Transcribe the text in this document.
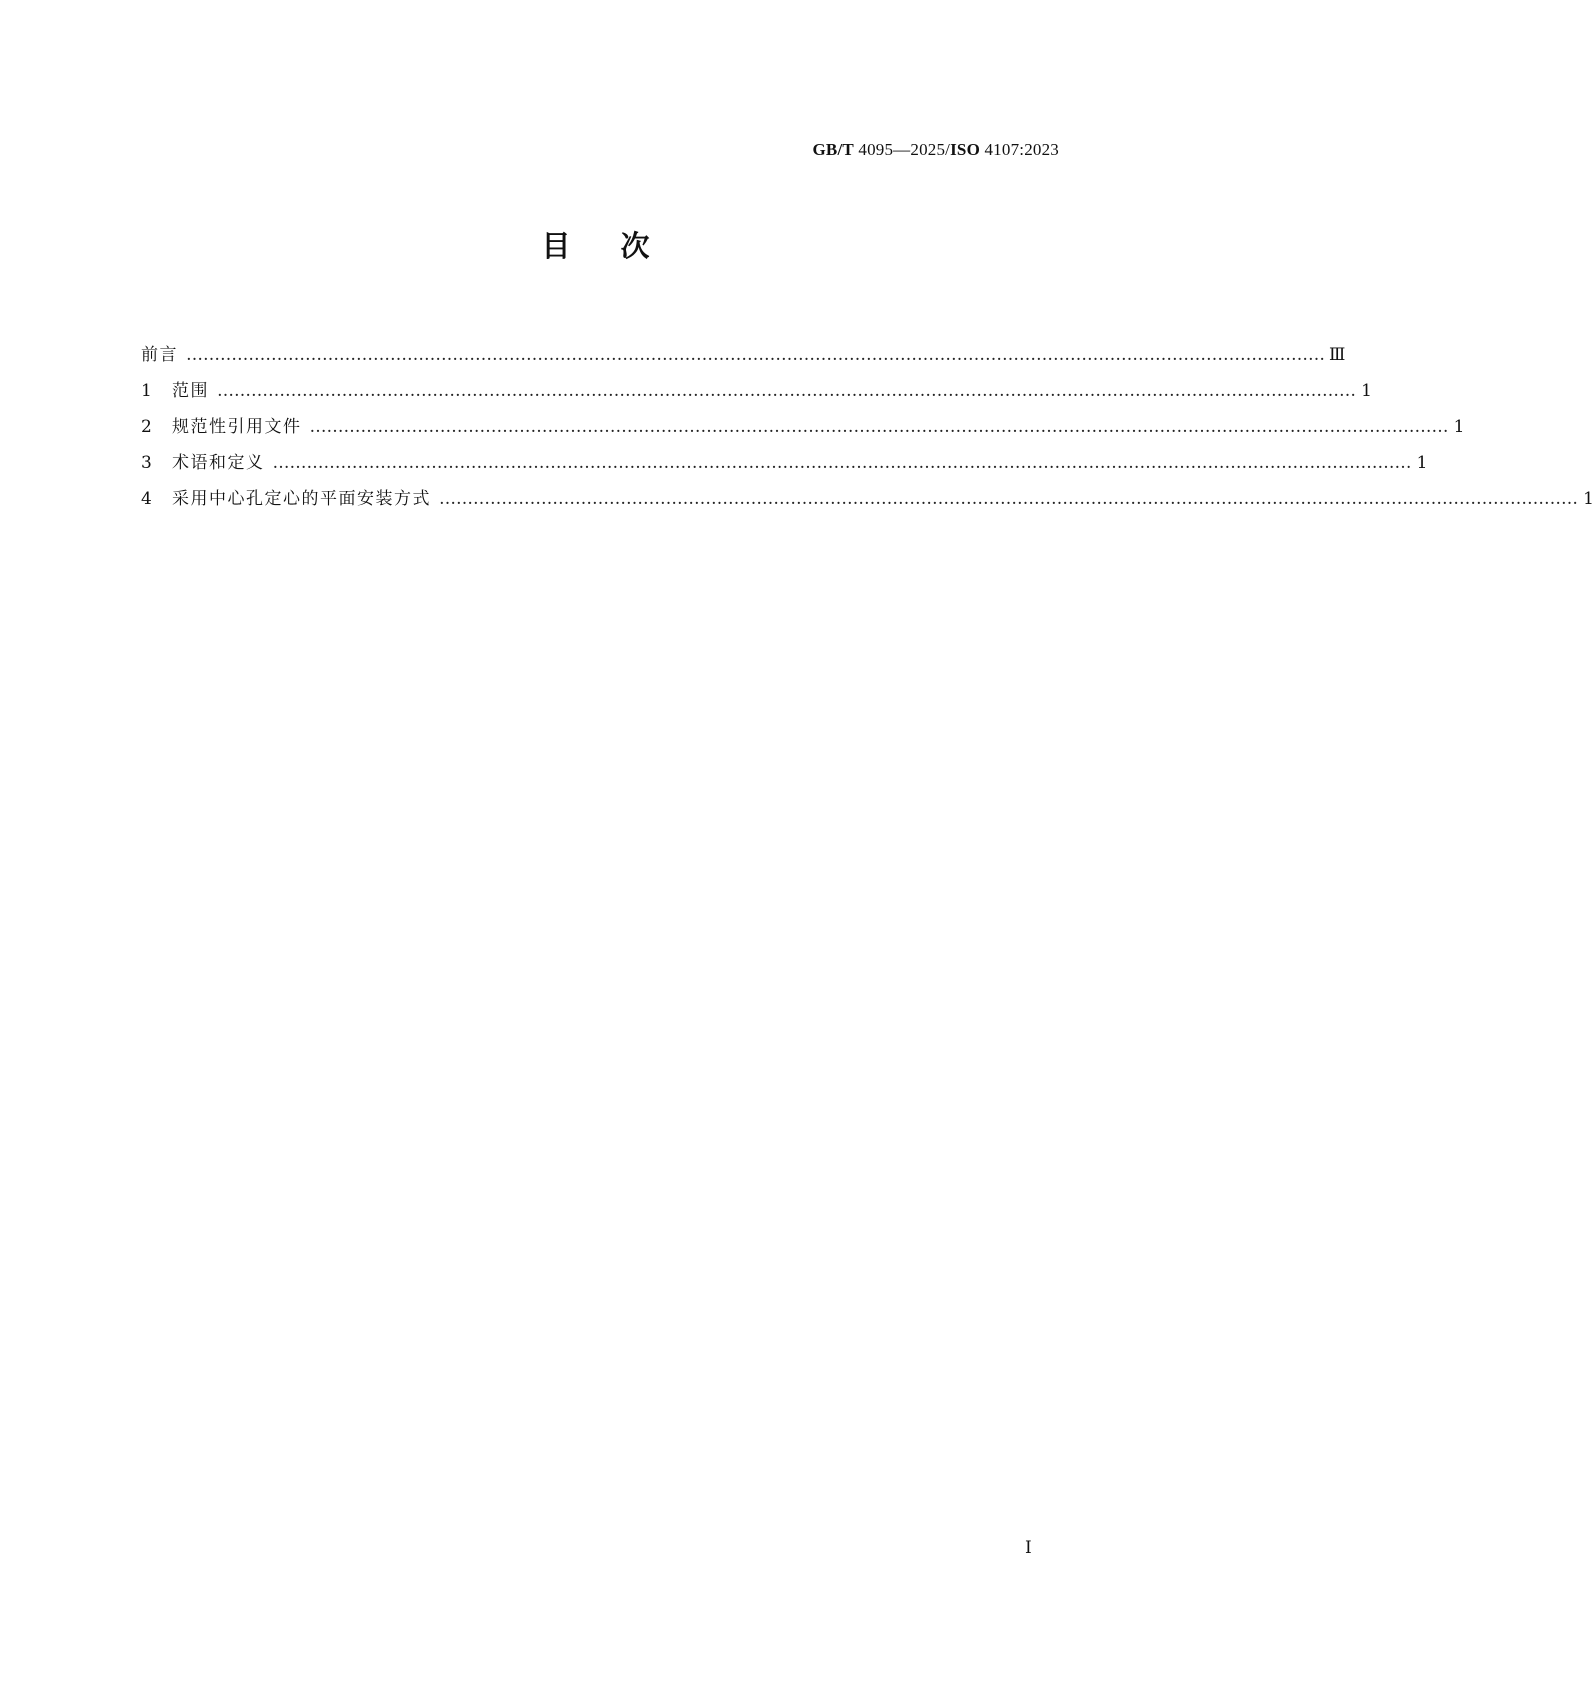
GB/T 4095—2025/ISO 4107:2023
目次
前言 ………………………………………………………………………………………………………………………………………………………………………………… Ⅲ
1	范围 ………………………………………………………………………………………………………………………………………………………………………………… 1
2	规范性引用文件 ………………………………………………………………………………………………………………………………………………………………………………… 1
3	术语和定义 ………………………………………………………………………………………………………………………………………………………………………………… 1
4	采用中心孔定心的平面安装方式 ………………………………………………………………………………………………………………………………………………………………………………… 1
Ⅰ
